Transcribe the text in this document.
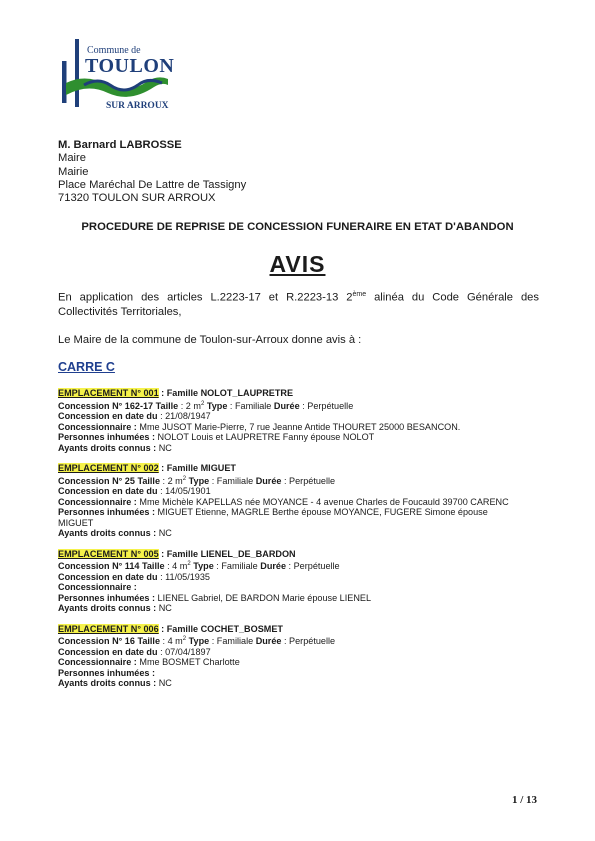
Commune de
TOULON
SUR ARROUX
M. Barnard LABROSSE
Maire
Mairie
Place Maréchal De Lattre de Tassigny
71320 TOULON SUR ARROUX
PROCEDURE DE REPRISE DE CONCESSION FUNERAIRE EN ETAT D'ABANDON
AVIS
En application des articles L.2223-17 et R.2223-13 2ème alinéa du Code Générale des Collectivités Territoriales,
Le Maire de la commune de Toulon-sur-Arroux donne avis à :
CARRE C
EMPLACEMENT N° 001 : Famille NOLOT_LAUPRETRE
Concession N° 162-17 Taille : 2 $m^2$ Type : Familiale Durée : Perpétuelle
Concession en date du : 21/08/1947
Concessionnaire : Mme JUSOT Marie-Pierre, 7 rue Jeanne Antide THOURET 25000 BESANCON.
Personnes inhumées : NOLOT Louis et LAUPRETRE Fanny épouse NOLOT
Ayants droits connus : NC
EMPLACEMENT N° 002 : Famille MIGUET
Concession N° 25 Taille : 2 $m^2$ Type : Familiale Durée : Perpétuelle
Concession en date du : 14/05/1901
Concessionnaire : Mme Michèle KAPELLAS née MOYANCE - 4 avenue Charles de Foucauld 39700 CARENC
Personnes inhumées : MIGUET Etienne, MAGRLE Berthe épouse MOYANCE, FUGERE Simone épouse MIGUET
Ayants droits connus : NC
EMPLACEMENT N° 005 : Famille LIENEL_DE_BARDON
Concession N° 114 Taille : 4 $m^2$ Type : Familiale Durée : Perpétuelle
Concession en date du : 11/05/1935
Concessionnaire :
Personnes inhumées : LIENEL Gabriel, DE BARDON Marie épouse LIENEL
Ayants droits connus : NC
EMPLACEMENT N° 006 : Famille COCHET_BOSMET
Concession N° 16 Taille : 4 $m^2$ Type : Familiale Durée : Perpétuelle
Concession en date du : 07/04/1897
Concessionnaire : Mme BOSMET Charlotte
Personnes inhumées :
Ayants droits connus : NC
1 / 13
